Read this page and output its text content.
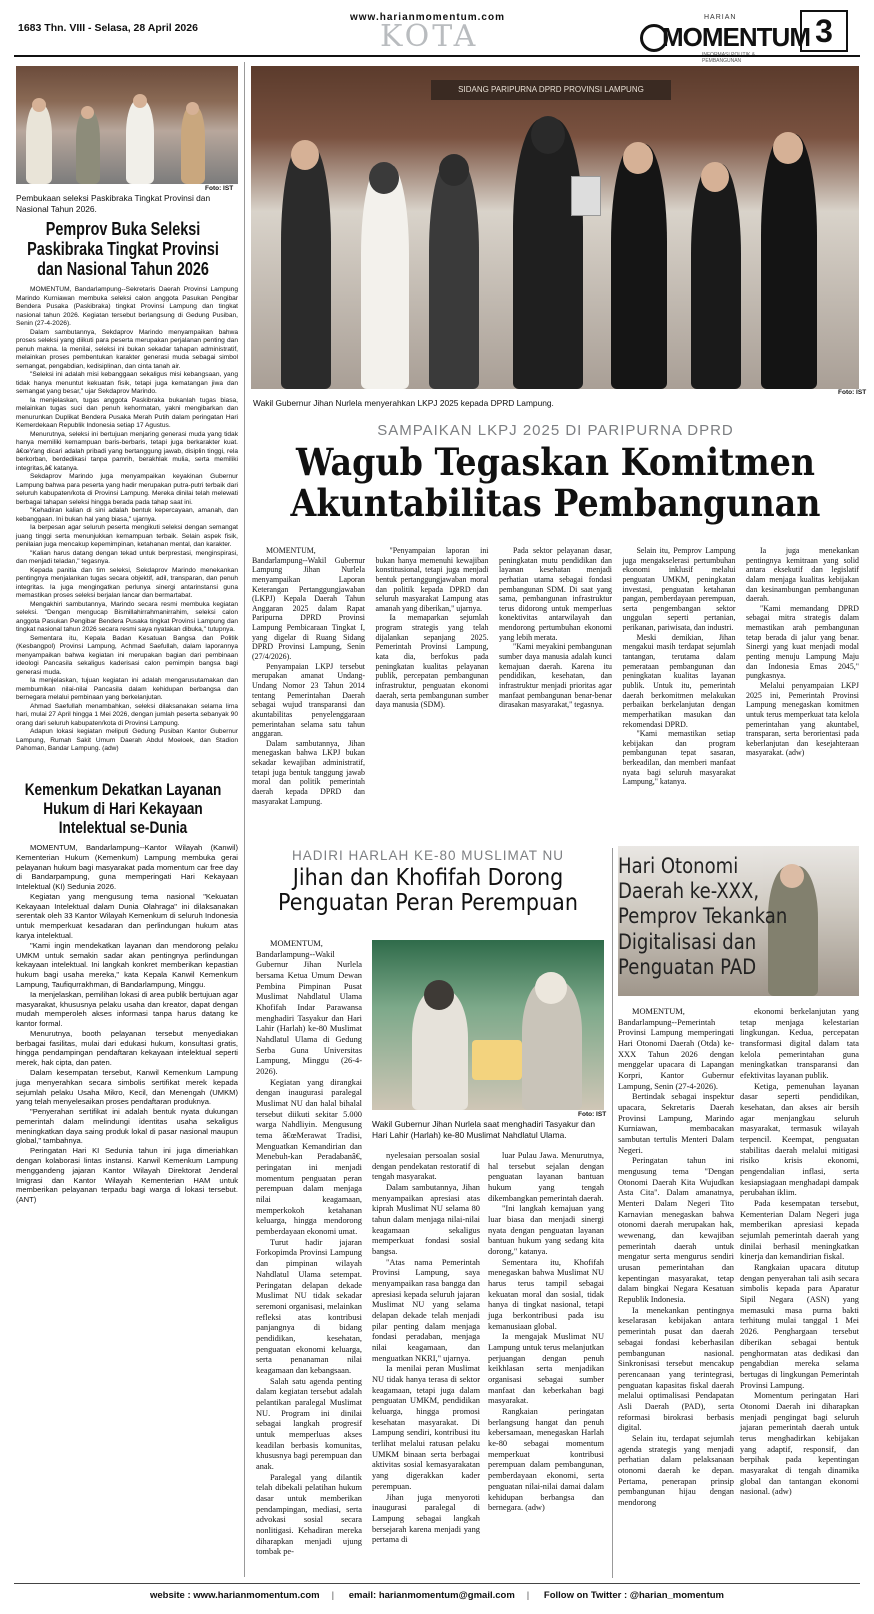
1683 Thn. VIII - Selasa, 28 April 2026
www.harianmomentum.com
KOTA
HARIAN
MOMENTUM
PEMBANGUNAN
3
Foto: IST
Pembukaan seleksi Paskibraka Tingkat Provinsi dan Nasional Tahun 2026.
Pemprov Buka Seleksi Paskibraka Tingkat Provinsi dan Nasional Tahun 2026

MOMENTUM, Bandarlampung--Sekretaris Daerah Provinsi Lampung Marindo Kurniawan membuka seleksi calon anggota Pasukan Pengibar Bendera Pusaka (Paskibraka) tingkat Provinsi Lampung dan tingkat nasional tahun 2026. Kegiatan tersebut berlangsung di Gedung Pusiban, Senin (27-4-2026).

Dalam sambutannya, Sekdaprov Marindo menyampaikan bahwa proses seleksi yang diikuti para peserta merupakan perjalanan penting dan penuh makna. Ia menilai, seleksi ini bukan sekadar tahapan administratif, melainkan proses pembentukan karakter generasi muda sebagai simbol semangat, pengabdian, kedisiplinan, dan cinta tanah air.

"Seleksi ini adalah misi kebanggaan sekaligus misi kebangsaan, yang tidak hanya menuntut kekuatan fisik, tetapi juga kematangan jiwa dan semangat yang besar," ujar Sekdaprov Marindo.

Ia menjelaskan, tugas anggota Paskibraka bukanlah tugas biasa, melainkan tugas suci dan penuh kehormatan, yakni mengibarkan dan menurunkan Duplikat Bendera Pusaka Merah Putih dalam peringatan Hari Kemerdekaan Republik Indonesia setiap 17 Agustus.

Menurutnya, seleksi ini bertujuan menjaring generasi muda yang tidak hanya memiliki kemampuan baris-berbaris, tetapi juga berkarakter kuat. â€œYang dicari adalah pribadi yang bertanggung jawab, disiplin tinggi, rela berkorban, berdedikasi tanpa pamrih, berakhlak mulia, serta memiliki integritas,â€ katanya.

Sekdaprov Marindo juga menyampaikan keyakinan Gubernur Lampung bahwa para peserta yang hadir merupakan putra-putri terbaik dari seluruh kabupaten/kota di Provinsi Lampung. Mereka dinilai telah melewati berbagai tahapan seleksi hingga berada pada tahap saat ini.

"Kehadiran kalian di sini adalah bentuk kepercayaan, amanah, dan kebanggaan. Ini bukan hal yang biasa," ujarnya.

Ia berpesan agar seluruh peserta mengikuti seleksi dengan semangat juang tinggi serta menunjukkan kemampuan terbaik. Selain aspek fisik, penilaian juga mencakup kepemimpinan, ketahanan mental, dan karakter.

"Kalian harus datang dengan tekad untuk berprestasi, menginspirasi, dan menjadi teladan," tegasnya.

Kepada panitia dan tim seleksi, Sekdaprov Marindo menekankan pentingnya menjalankan tugas secara objektif, adil, transparan, dan penuh integritas. Ia juga mengingatkan perlunya sinergi antarinstansi guna memastikan proses seleksi berjalan lancar dan bermartabat.

Mengakhiri sambutannya, Marindo secara resmi membuka kegiatan seleksi. "Dengan mengucap Bismillahirrahmanirrahim, seleksi calon anggota Pasukan Pengibar Bendera Pusaka tingkat Provinsi Lampung dan tingkat nasional tahun 2026 secara resmi saya nyatakan dibuka," tutupnya.

Sementara itu, Kepala Badan Kesatuan Bangsa dan Politik (Kesbangpol) Provinsi Lampung, Achmad Saefullah, dalam laporannya menyampaikan bahwa kegiatan ini merupakan bagian dari pembinaan ideologi Pancasila sekaligus kaderisasi calon pemimpin bangsa bagi generasi muda.

Ia menjelaskan, tujuan kegiatan ini adalah mengarusutamakan dan membumikan nilai-nilai Pancasila dalam kehidupan berbangsa dan bernegara melalui pembinaan yang berkelanjutan.

Ahmad Saefullah menambahkan, seleksi dilaksanakan selama lima hari, mulai 27 April hingga 1 Mei 2026, dengan jumlah peserta sebanyak 90 orang dari seluruh kabupaten/kota di Provinsi Lampung.

Adapun lokasi kegiatan meliputi Gedung Pusiban Kantor Gubernur Lampung, Rumah Sakit Umum Daerah Abdul Moeloek, dan Stadion Pahoman, Bandar Lampung. (adw)

Kemenkum Dekatkan Layanan Hukum di Hari Kekayaan Intelektual se-Dunia

MOMENTUM, Bandarlampung--Kantor Wilayah (Kanwil) Kementerian Hukum (Kemenkum) Lampung membuka gerai pelayanan hukum bagi masyarakat pada momentum car free day di Bandarpampung, guna memperingati Hari Kekayaan Intelektual (KI) Sedunia 2026.

Kegiatan yang mengusung tema nasional "Kekuatan Kekayaan Intelektual dalam Dunia Olahraga" ini dilaksanakan serentak oleh 33 Kantor Wilayah Kemenkum di seluruh Indonesia untuk memperkuat kesadaran dan perlindungan hukum atas karya intelektual.

"Kami ingin mendekatkan layanan dan mendorong pelaku UMKM untuk semakin sadar akan pentingnya perlindungan kekayaan intelektual. Ini langkah konkret memberikan kepastian hukum bagi usaha mereka," kata Kepala Kanwil Kemenkum Lampung, Taufiqurrakhman, di Bandarlampung, Minggu.

Ia menjelaskan, pemilihan lokasi di area publik bertujuan agar masyarakat, khususnya pelaku usaha dan kreator, dapat dengan mudah memperoleh akses informasi tanpa harus datang ke kantor formal.

Menurutnya, booth pelayanan tersebut menyediakan berbagai fasilitas, mulai dari edukasi hukum, konsultasi gratis, hingga pendampingan pendaftaran kekayaan intelektual seperti merek, hak cipta, dan paten.

Dalam kesempatan tersebut, Kanwil Kemenkum Lampung juga menyerahkan secara simbolis sertifikat merek kepada sejumlah pelaku Usaha Mikro, Kecil, dan Menengah (UMKM) yang telah menyelesaikan proses pendaftaran produknya.

"Penyerahan sertifikat ini adalah bentuk nyata dukungan pemerintah dalam melindungi identitas usaha sekaligus meningkatkan daya saing produk lokal di pasar nasional maupun global," tambahnya.

Peringatan Hari KI Sedunia tahun ini juga dimeriahkan dengan kolaborasi lintas instansi. Kanwil Kemenkum Lampung menggandeng jajaran Kantor Wilayah Direktorat Jenderal Imigrasi dan Kantor Wilayah Kementerian HAM untuk memberikan pelayanan terpadu bagi warga di lokasi tersebut. (ANT)

SIDANG PARIPURNA DPRD PROVINSI LAMPUNG
Foto: IST
Wakil Gubernur Jihan Nurlela menyerahkan LKPJ 2025 kepada DPRD Lampung.
SAMPAIKAN LKPJ 2025 DI PARIPURNA DPRD
Wagub Tegaskan Komitmen
Akuntabilitas Pembangunan

MOMENTUM, Bandarlampung--Wakil Gubernur Lampung Jihan Nurlela menyampaikan Laporan Keterangan Pertanggungjawaban (LKPJ) Kepala Daerah Tahun Anggaran 2025 dalam Rapat Paripurna DPRD Provinsi Lampung Pembicaraan Tingkat I, yang digelar di Ruang Sidang DPRD Provinsi Lampung, Senin (27/4/2026).

Penyampaian LKPJ tersebut merupakan amanat Undang-Undang Nomor 23 Tahun 2014 tentang Pemerintahan Daerah sebagai wujud transparansi dan akuntabilitas penyelenggaraan pemerintahan selama satu tahun anggaran.

Dalam sambutannya, Jihan menegaskan bahwa LKPJ bukan sekadar kewajiban administratif, tetapi juga bentuk tanggung jawab moral dan politik pemerintah daerah kepada DPRD dan masyarakat Lampung.

"Penyampaian laporan ini bukan hanya memenuhi kewajiban konstitusional, tetapi juga menjadi bentuk pertanggungjawaban moral dan politik kepada DPRD dan seluruh masyarakat Lampung atas amanah yang diberikan," ujarnya.

Ia memaparkan sejumlah program strategis yang telah dijalankan sepanjang 2025. Pemerintah Provinsi Lampung, kata dia, berfokus pada peningkatan kualitas pelayanan publik, percepatan pembangunan infrastruktur, penguatan ekonomi daerah, serta pembangunan sumber daya manusia (SDM).

Pada sektor pelayanan dasar, peningkatan mutu pendidikan dan layanan kesehatan menjadi perhatian utama sebagai fondasi pembangunan SDM. Di saat yang sama, pembangunan infrastruktur terus didorong untuk memperluas konektivitas antarwilayah dan mendorong pertumbuhan ekonomi yang lebih merata.

"Kami meyakini pembangunan sumber daya manusia adalah kunci kemajuan daerah. Karena itu pendidikan, kesehatan, dan infrastruktur menjadi prioritas agar manfaat pembangunan benar-benar dirasakan masyarakat," tegasnya.

Selain itu, Pemprov Lampung juga mengakselerasi pertumbuhan ekonomi inklusif melalui penguatan UMKM, peningkatan investasi, penguatan ketahanan pangan, pemberdayaan perempuan, serta pengembangan sektor unggulan seperti pertanian, perikanan, pariwisata, dan industri.

Meski demikian, Jihan mengakui masih terdapat sejumlah tantangan, terutama dalam pemerataan pembangunan dan peningkatan kualitas layanan publik. Untuk itu, pemerintah daerah berkomitmen melakukan perbaikan berkelanjutan dengan memperhatikan masukan dan rekomendasi DPRD.

"Kami memastikan setiap kebijakan dan program pembangunan tepat sasaran, berkeadilan, dan memberi manfaat nyata bagi seluruh masyarakat Lampung," katanya.

Ia juga menekankan pentingnya kemitraan yang solid antara eksekutif dan legislatif dalam menjaga kualitas kebijakan dan kesinambungan pembangunan daerah.

"Kami memandang DPRD sebagai mitra strategis dalam memastikan arah pembangunan tetap berada di jalur yang benar. Sinergi yang kuat menjadi modal penting menuju Lampung Maju dan Indonesia Emas 2045," pungkasnya.

Melalui penyampaian LKPJ 2025 ini, Pemerintah Provinsi Lampung menegaskan komitmen untuk terus memperkuat tata kelola pemerintahan yang akuntabel, transparan, serta berorientasi pada keberlanjutan dan kesejahteraan masyarakat. (adw)

HADIRI HARLAH KE-80 MUSLIMAT NU
Jihan dan Khofifah Dorong
Penguatan Peran Perempuan

MOMENTUM, Bandarlampung--Wakil Gubernur Jihan Nurlela bersama Ketua Umum Dewan Pembina Pimpinan Pusat Muslimat Nahdlatul Ulama Khofifah Indar Parawansa menghadiri Tasyakur dan Hari Lahir (Harlah) ke-80 Muslimat Nahdlatul Ulama di Gedung Serba Guna Universitas Lampung, Minggu (26-4-2026).

Kegiatan yang dirangkai dengan inaugurasi paralegal Muslimat NU dan halal bihalal tersebut diikuti sekitar 5.000 warga Nahdliyin. Mengusung tema â€œMerawat Tradisi, Menguatkan Kemandirian dan Menebuh-kan Peradabanâ€, peringatan ini menjadi momentum penguatan peran perempuan dalam menjaga nilai keagamaan, memperkokoh ketahanan keluarga, hingga mendorong pemberdayaan ekonomi umat.

Turut hadir jajaran Forkopimda Provinsi Lampung dan pimpinan wilayah Nahdlatul Ulama setempat. Peringatan delapan dekade Muslimat NU tidak sekadar seremoni organisasi, melainkan refleksi atas kontribusi panjangnya di bidang pendidikan, kesehatan, penguatan ekonomi keluarga, serta penanaman nilai keagamaan dan kebangsaan.

Salah satu agenda penting dalam kegiatan tersebut adalah pelantikan paralegal Muslimat NU. Program ini dinilai sebagai langkah progresif untuk memperluas akses keadilan berbasis komunitas, khususnya bagi perempuan dan anak.

Paralegal yang dilantik telah dibekali pelatihan hukum dasar untuk memberikan pendampingan, mediasi, serta advokasi sosial secara nonlitigasi. Kehadiran mereka diharapkan menjadi ujung tombak pe-

Foto: IST
Wakil Gubernur Jihan Nurlela saat menghadiri Tasyakur dan Hari Lahir (Harlah) ke-80 Muslimat Nahdlatul Ulama.

nyelesaian persoalan sosial dengan pendekatan restoratif di tengah masyarakat.

Dalam sambutannya, Jihan menyampaikan apresiasi atas kiprah Muslimat NU selama 80 tahun dalam menjaga nilai-nilai keagamaan sekaligus memperkuat fondasi sosial bangsa.

"Atas nama Pemerintah Provinsi Lampung, saya menyampaikan rasa bangga dan apresiasi kepada seluruh jajaran Muslimat NU yang selama delapan dekade telah menjadi pilar penting dalam menjaga fondasi peradaban, menjaga nilai keagamaan, dan menguatkan NKRI," ujarnya.

Ia menilai peran Muslimat NU tidak hanya terasa di sektor keagamaan, tetapi juga dalam penguatan UMKM, pendidikan keluarga, hingga promosi kesehatan masyarakat. Di Lampung sendiri, kontribusi itu terlihat melalui ratusan pelaku UMKM binaan serta berbagai aktivitas sosial kemasyarakatan yang digerakkan kader perempuan.

Jihan juga menyoroti inaugurasi paralegal di Lampung sebagai langkah bersejarah karena menjadi yang pertama di

luar Pulau Jawa. Menurutnya, hal tersebut sejalan dengan penguatan layanan bantuan hukum yang tengah dikembangkan pemerintah daerah.

"Ini langkah kemajuan yang luar biasa dan menjadi sinergi nyata dengan penguatan layanan bantuan hukum yang sedang kita dorong," katanya.

Sementara itu, Khofifah menegaskan bahwa Muslimat NU harus terus tampil sebagai kekuatan moral dan sosial, tidak hanya di tingkat nasional, tetapi juga berkontribusi pada isu kemanusiaan global.

Ia mengajak Muslimat NU Lampung untuk terus melanjutkan perjuangan dengan penuh keikhlasan serta menjadikan organisasi sebagai sumber manfaat dan keberkahan bagi masyarakat.

Rangkaian peringatan berlangsung hangat dan penuh kebersamaan, menegaskan Harlah ke-80 sebagai momentum memperkuat kontribusi perempuan dalam pembangunan, pemberdayaan ekonomi, serta penguatan nilai-nilai damai dalam kehidupan berbangsa dan bernegara. (adw)

Hari Otonomi Daerah ke-XXX, Pemprov Tekankan Digitalisasi dan Penguatan PAD

MOMENTUM, Bandarlampung--Pemerintah Provinsi Lampung memperingati Hari Otonomi Daerah (Otda) ke-XXX Tahun 2026 dengan menggelar upacara di Lapangan Korpri, Kantor Gubernur Lampung, Senin (27-4-2026).

Bertindak sebagai inspektur upacara, Sekretaris Daerah Provinsi Lampung, Marindo Kurniawan, membacakan sambutan tertulis Menteri Dalam Negeri.

Peringatan tahun ini mengusung tema "Dengan Otonomi Daerah Kita Wujudkan Asta Cita". Dalam amanatnya, Menteri Dalam Negeri Tito Karnavian menegaskan bahwa otonomi daerah merupakan hak, wewenang, dan kewajiban pemerintah daerah untuk mengatur serta mengurus sendiri urusan pemerintahan dan kepentingan masyarakat, tetap dalam bingkai Negara Kesatuan Republik Indonesia.

Ia menekankan pentingnya keselarasan kebijakan antara pemerintah pusat dan daerah sebagai fondasi keberhasilan pembangunan nasional. Sinkronisasi tersebut mencakup perencanaan yang terintegrasi, penguatan kapasitas fiskal daerah melalui optimalisasi Pendapatan Asli Daerah (PAD), serta reformasi birokrasi berbasis digital.

Selain itu, terdapat sejumlah agenda strategis yang menjadi perhatian dalam pelaksanaan otonomi daerah ke depan. Pertama, penerapan prinsip pembangunan hijau dengan mendorong

ekonomi berkelanjutan yang tetap menjaga kelestarian lingkungan. Kedua, percepatan transformasi digital dalam tata kelola pemerintahan guna meningkatkan transparansi dan efektivitas layanan publik.

Ketiga, pemenuhan layanan dasar seperti pendidikan, kesehatan, dan akses air bersih agar menjangkau seluruh masyarakat, termasuk wilayah terpencil. Keempat, penguatan stabilitas daerah melalui mitigasi risiko krisis ekonomi, pengendalian inflasi, serta kesiapsiagaan menghadapi dampak perubahan iklim.

Pada kesempatan tersebut, Kementerian Dalam Negeri juga memberikan apresiasi kepada sejumlah pemerintah daerah yang dinilai berhasil meningkatkan kinerja dan kemandirian fiskal.

Rangkaian upacara ditutup dengan penyerahan tali asih secara simbolis kepada para Aparatur Sipil Negara (ASN) yang memasuki masa purna bakti terhitung mulai tanggal 1 Mei 2026. Penghargaan tersebut diberikan sebagai bentuk penghormatan atas dedikasi dan pengabdian mereka selama bertugas di lingkungan Pemerintah Provinsi Lampung.

Momentum peringatan Hari Otonomi Daerah ini diharapkan menjadi pengingat bagi seluruh jajaran pemerintah daerah untuk terus menghadirkan kebijakan yang adaptif, responsif, dan berpihak pada kepentingan masyarakat di tengah dinamika global dan tantangan ekonomi nasional. (adw)

website : www.harianmomentum.com | email: harianmomentum@gmail.com | Follow on Twitter : @harian_momentum
